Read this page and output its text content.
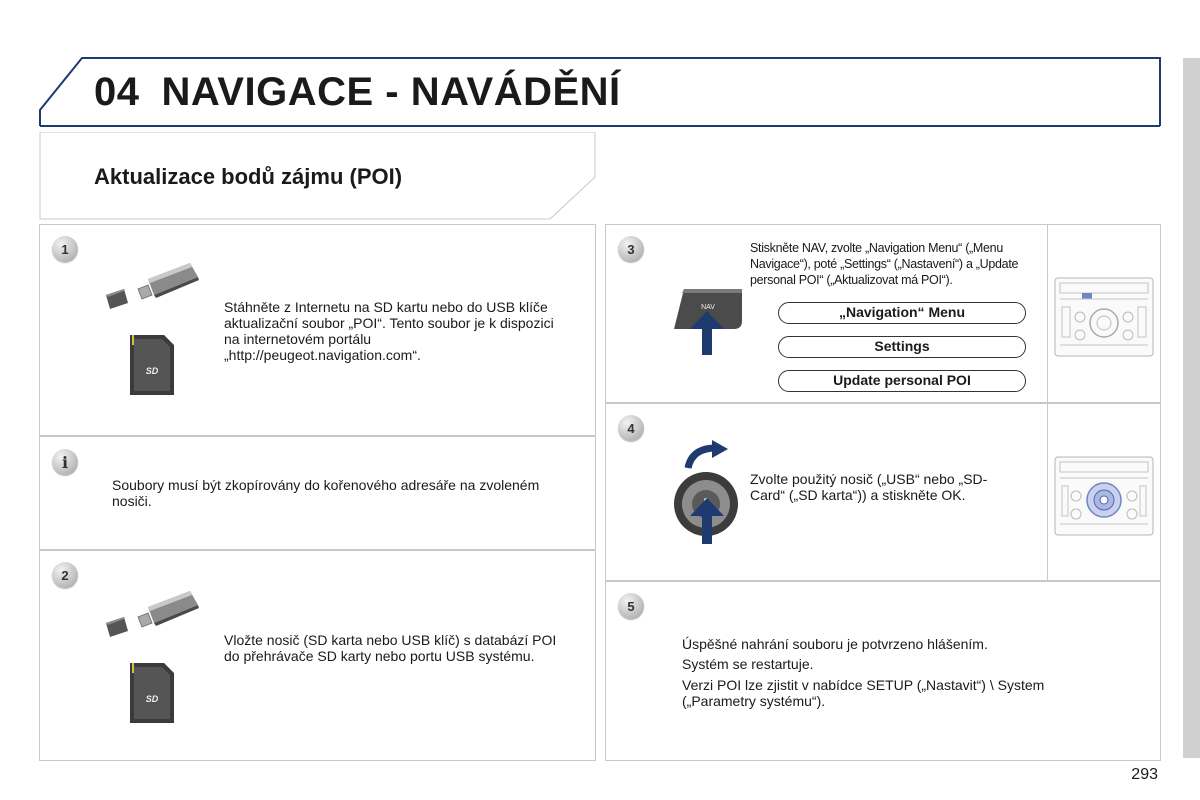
04 NAVIGACE - NAVÁDĚNÍ
Aktualizace bodů zájmu (POI)
1
SD
Stáhněte z Internetu na SD kartu nebo do USB klíče aktualizační soubor „POI“. Tento soubor je k dispozici na internetovém portálu „http://peugeot.navigation.com“.
i
Soubory musí být zkopírovány do kořenového adresáře na zvoleném nosiči.
2
SD
Vložte nosič (SD karta nebo USB klíč) s databází POI do přehrávače SD karty nebo portu USB systému.
3
NAV
Stiskněte NAV, zvolte „Navigation Menu“ („Menu Navigace“), poté „Settings“ („Nastavení“) a „Update personal POI“ („Aktualizovat má POI“).
„Navigation“ Menu
Settings
Update personal POI
4
Zvolte použitý nosič („USB“ nebo „SD-Card“ („SD karta“)) a stiskněte OK.
5
Úspěšné nahrání souboru je potvrzeno hlášením.
Systém se restartuje.
Verzi POI lze zjistit v nabídce SETUP („Nastavit“) \ System („Parametry systému“).
293
